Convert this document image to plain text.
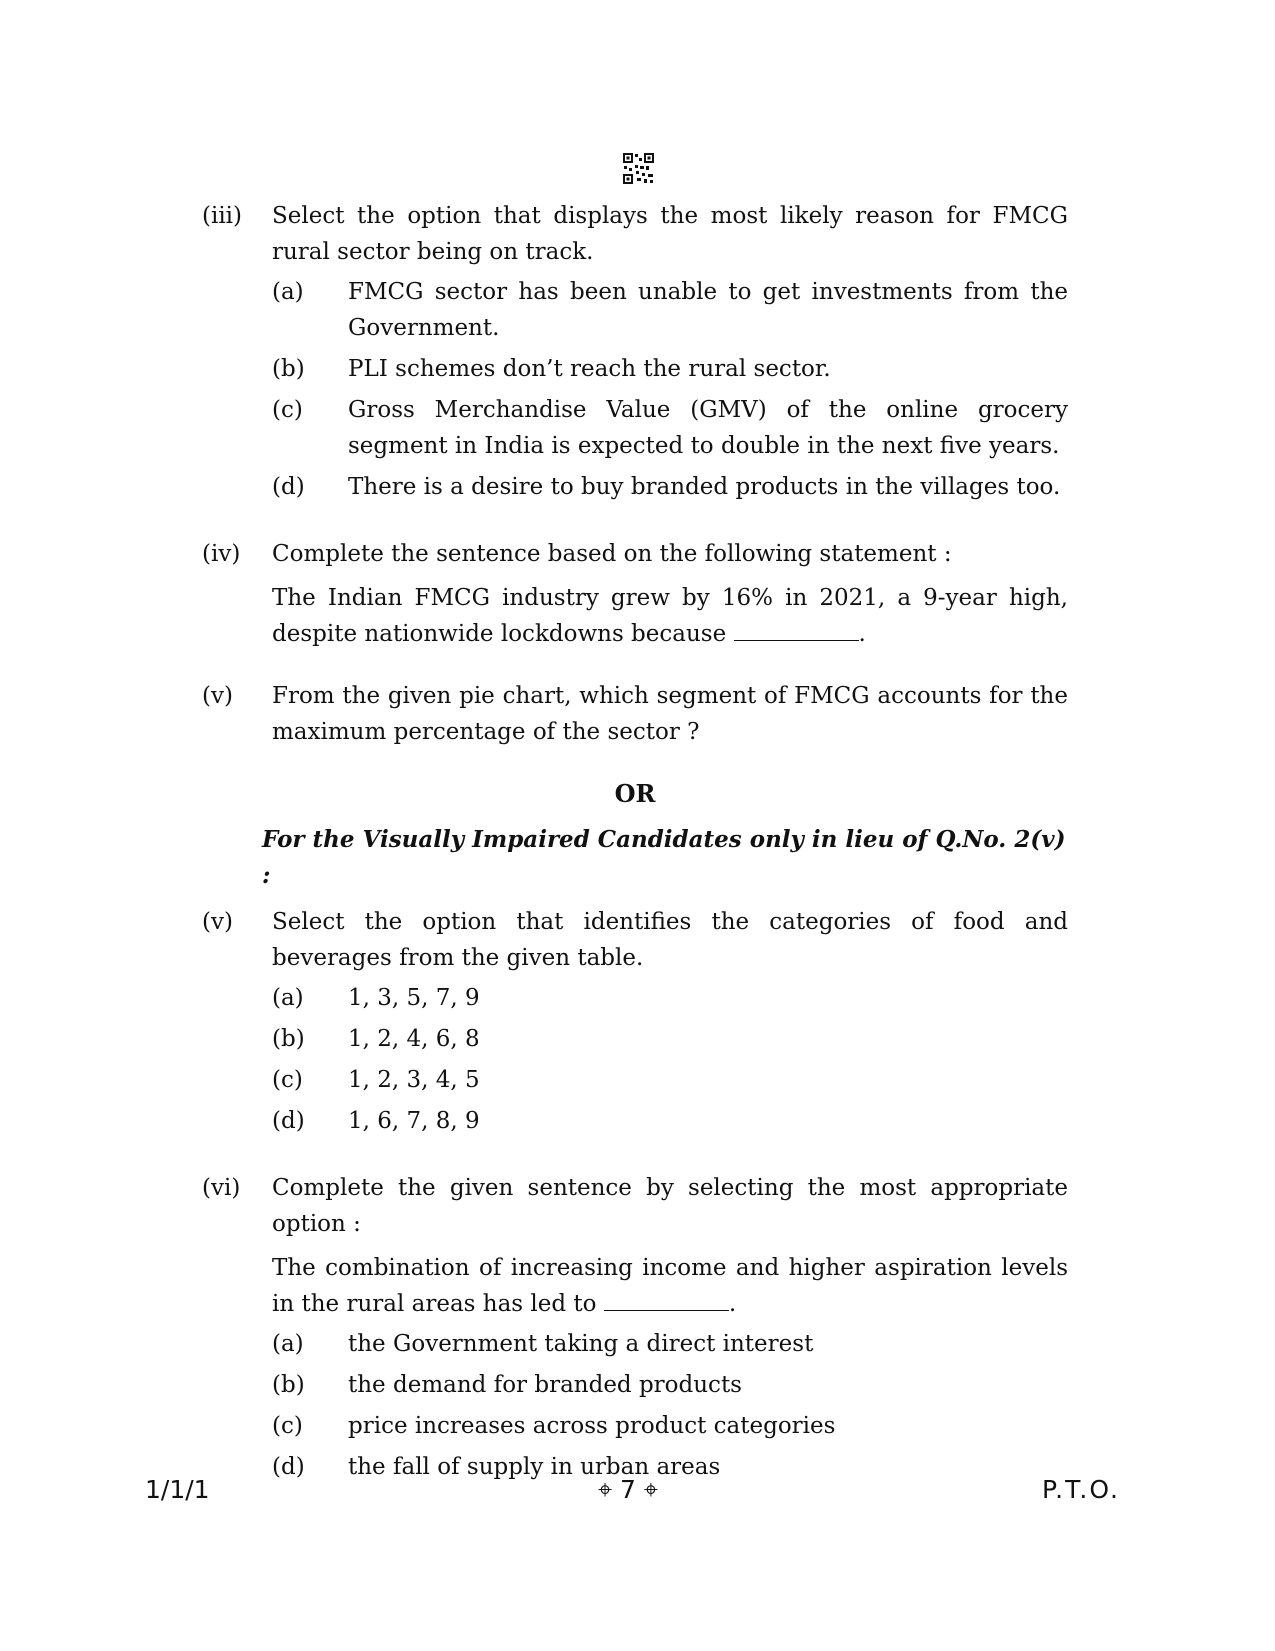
(iii)	Select the option that displays the most likely reason for FMCG rural sector being on track.
(a)	FMCG sector has been unable to get investments from the Government.
(b)	PLI schemes don’t reach the rural sector.
(c)	Gross Merchandise Value (GMV) of the online grocery segment in India is expected to double in the next five years.
(d)	There is a desire to buy branded products in the villages too.
(iv)	Complete the sentence based on the following statement :
The Indian FMCG industry grew by 16% in 2021, a 9-year high, despite nationwide lockdowns because	.
(v)	From the given pie chart, which segment of FMCG accounts for the maximum percentage of the sector ?
OR
For the Visually Impaired Candidates only in lieu of Q.No. 2(v) :
(v)	Select the option that identifies the categories of food and beverages from the given table.
(a)	1, 3, 5, 7, 9
(b)	1, 2, 4, 6, 8
(c)	1, 2, 3, 4, 5
(d)	1, 6, 7, 8, 9
(vi)	Complete the given sentence by selecting the most appropriate option :
The combination of increasing income and higher aspiration levels in the rural areas has led to	.
(a)	the Government taking a direct interest
(b)	the demand for branded products
(c)	price increases across product categories
(d)	the fall of supply in urban areas
1/1/1	⌖ 7 ⌖	P.T.O.
